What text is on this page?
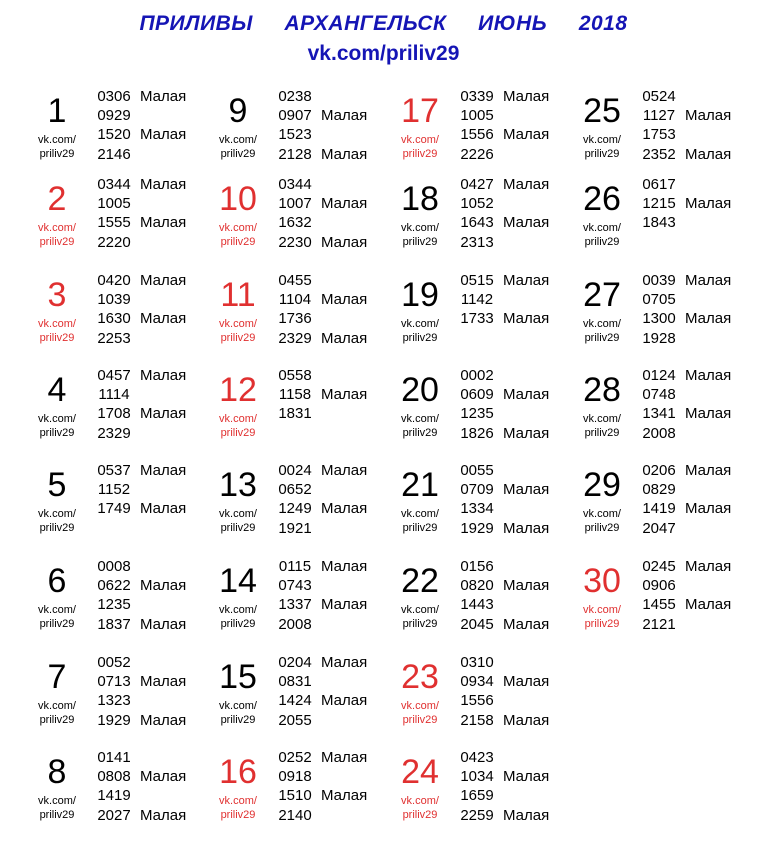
ПРИЛИВЫ     АРХАНГЕЛЬСК     ИЮНЬ     2018
vk.com/priliv29
1
vk.com/
priliv29
0306
0929
1520
2146
Малая
Малая
2
vk.com/
priliv29
0344
1005
1555
2220
Малая
Малая
3
vk.com/
priliv29
0420
1039
1630
2253
Малая
Малая
4
vk.com/
priliv29
0457
1114
1708
2329
Малая
Малая
5
vk.com/
priliv29
0537
1152
1749
Малая
Малая
6
vk.com/
priliv29
0008
0622
1235
1837
Малая
Малая
7
vk.com/
priliv29
0052
0713
1323
1929
Малая
Малая
8
vk.com/
priliv29
0141
0808
1419
2027
Малая
Малая
9
vk.com/
priliv29
0238
0907
1523
2128
Малая
Малая
10
vk.com/
priliv29
0344
1007
1632
2230
Малая
Малая
11
vk.com/
priliv29
0455
1104
1736
2329
Малая
Малая
12
vk.com/
priliv29
0558
1158
1831
Малая
13
vk.com/
priliv29
0024
0652
1249
1921
Малая
Малая
14
vk.com/
priliv29
0115
0743
1337
2008
Малая
Малая
15
vk.com/
priliv29
0204
0831
1424
2055
Малая
Малая
16
vk.com/
priliv29
0252
0918
1510
2140
Малая
Малая
17
vk.com/
priliv29
0339
1005
1556
2226
Малая
Малая
18
vk.com/
priliv29
0427
1052
1643
2313
Малая
Малая
19
vk.com/
priliv29
0515
1142
1733
Малая
Малая
20
vk.com/
priliv29
0002
0609
1235
1826
Малая
Малая
21
vk.com/
priliv29
0055
0709
1334
1929
Малая
Малая
22
vk.com/
priliv29
0156
0820
1443
2045
Малая
Малая
23
vk.com/
priliv29
0310
0934
1556
2158
Малая
Малая
24
vk.com/
priliv29
0423
1034
1659
2259
Малая
Малая
25
vk.com/
priliv29
0524
1127
1753
2352
Малая
Малая
26
vk.com/
priliv29
0617
1215
1843
Малая
27
vk.com/
priliv29
0039
0705
1300
1928
Малая
Малая
28
vk.com/
priliv29
0124
0748
1341
2008
Малая
Малая
29
vk.com/
priliv29
0206
0829
1419
2047
Малая
Малая
30
vk.com/
priliv29
0245
0906
1455
2121
Малая
Малая
